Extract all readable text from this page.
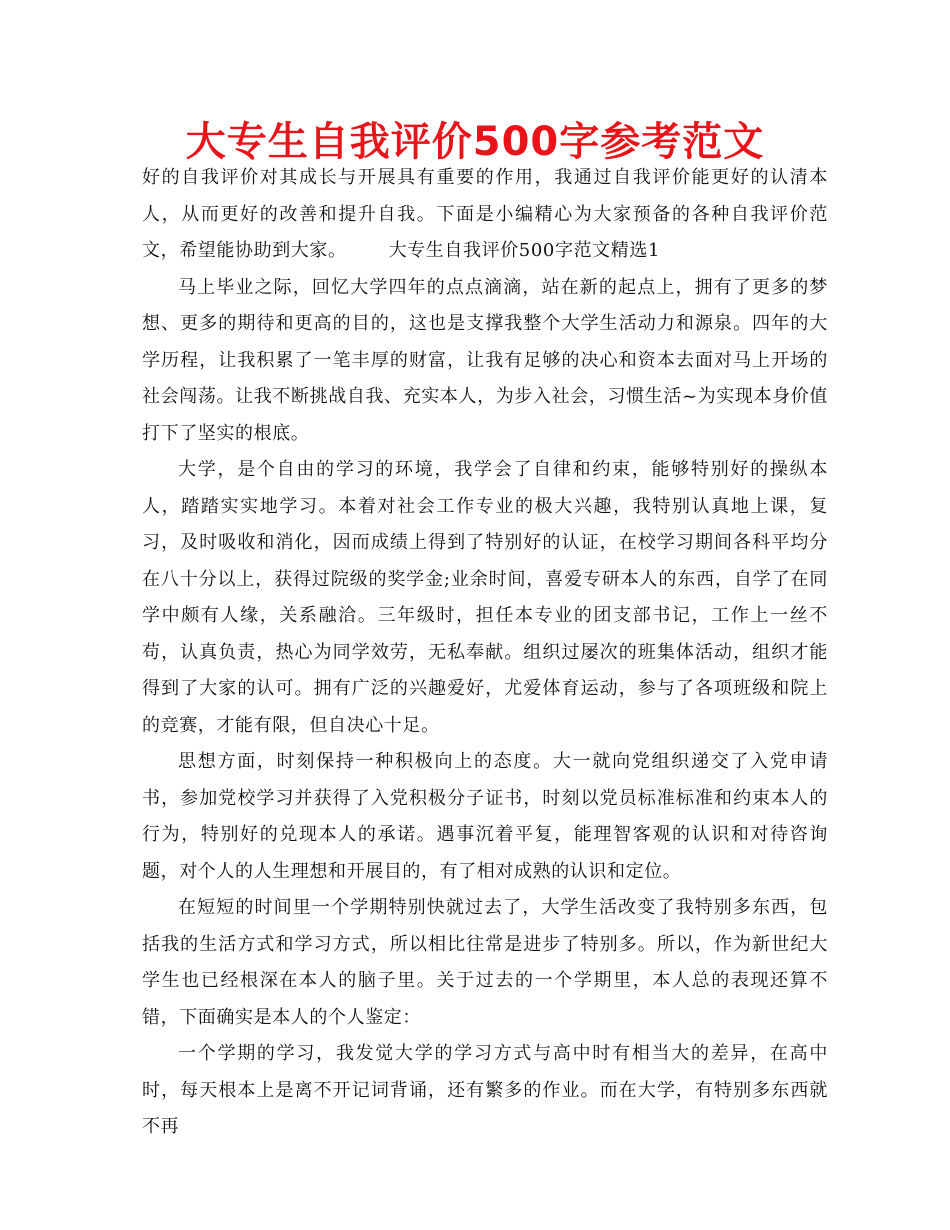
大专生自我评价500字参考范文

好的自我评价对其成长与开展具有重要的作用，我通过自我评价能更好的认清本人，从而更好的改善和提升自我。下面是小编精心为大家预备的各种自我评价范文，希望能协助到大家。 大专生自我评价500字范文精选1

马上毕业之际，回忆大学四年的点点滴滴，站在新的起点上，拥有了更多的梦想、更多的期待和更高的目的，这也是支撑我整个大学生活动力和源泉。四年的大学历程，让我积累了一笔丰厚的财富，让我有足够的决心和资本去面对马上开场的社会闯荡。让我不断挑战自我、充实本人，为步入社会，习惯生活~为实现本身价值打下了坚实的根底。

大学，是个自由的学习的环境，我学会了自律和约束，能够特别好的操纵本人，踏踏实实地学习。本着对社会工作专业的极大兴趣，我特别认真地上课，复习，及时吸收和消化，因而成绩上得到了特别好的认证，在校学习期间各科平均分在八十分以上，获得过院级的奖学金;业余时间，喜爱专研本人的东西，自学了在同学中颇有人缘，关系融洽。三年级时，担任本专业的团支部书记，工作上一丝不苟，认真负责，热心为同学效劳，无私奉献。组织过屡次的班集体活动，组织才能得到了大家的认可。拥有广泛的兴趣爱好，尤爱体育运动，参与了各项班级和院上的竞赛，才能有限，但自决心十足。

思想方面，时刻保持一种积极向上的态度。大一就向党组织递交了入党申请书，参加党校学习并获得了入党积极分子证书，时刻以党员标准标准和约束本人的行为，特别好的兑现本人的承诺。遇事沉着平复，能理智客观的认识和对待咨询题，对个人的人生理想和开展目的，有了相对成熟的认识和定位。

在短短的时间里一个学期特别快就过去了，大学生活改变了我特别多东西，包括我的生活方式和学习方式，所以相比往常是进步了特别多。所以，作为新世纪大学生也已经根深在本人的脑子里。关于过去的一个学期里，本人总的表现还算不错，下面确实是本人的个人鉴定：

一个学期的学习，我发觉大学的学习方式与高中时有相当大的差异，在高中时，每天根本上是离不开记词背诵，还有繁多的作业。而在大学，有特别多东西就不再
